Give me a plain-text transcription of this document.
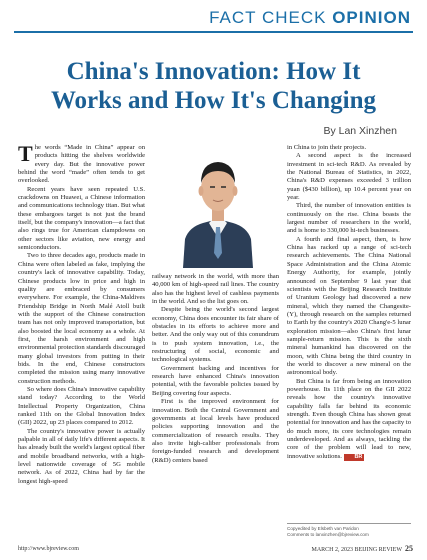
FACT CHECK OPINION
China's Innovation: How It
Works and How It's Changing
By Lan Xinzhen

The words “Made in China” appear on products hitting the shelves worldwide every day. But the innovative power behind the word “made” often tends to get overlooked.

Recent years have seen repeated U.S. crackdowns on Huawei, a Chinese information and communications technology titan. But what these embargoes target is not just the brand itself, but the company's innovation—a fact that also rings true for American clampdowns on other sectors like aviation, new energy and semiconductors.

Two to three decades ago, products made in China were often labeled as fake, implying the country's lack of innovative capability. Today, Chinese products low in price and high in quality are embraced by consumers everywhere. For example, the China-Maldives Friendship Bridge in North Malé Atoll built with the support of the Chinese construction team has not only improved transportation, but also boosted the local economy as a whole. At first, the harsh environment and high environmental protection standards discouraged many global investors from putting in their bids. In the end, Chinese constructors completed the mission using many innovative construction methods.

So where does China's innovative capability stand today? According to the World Intellectual Property Organization, China ranked 11th on the Global Innovation Index (GII) 2022, up 23 places compared to 2012.

The country's innovative power is actually palpable in all of daily life's different aspects. It has already built the world's largest optical fiber and mobile broadband networks, with a high-level nationwide coverage of 5G mobile network. As of 2022, China had by far the longest high-speed

railway network in the world, with more than 40,000 km of high-speed rail lines. The country also has the highest level of cashless payments in the world. And so the list goes on.

Despite being the world's second largest economy, China does encounter its fair share of obstacles in its efforts to achieve more and better. And the only way out of this conundrum is to push system innovation, i.e., the restructuring of social, economic and technological systems.

Government backing and incentives for research have enhanced China's innovation potential, with the favorable policies issued by Beijing covering four aspects.

First is the improved environment for innovation. Both the Central Government and governments at local levels have produced policies supporting innovation and the commercialization of research results. They also invite high-caliber professionals from foreign-funded research and development (R&D) centers based

in China to join their projects.

A second aspect is the increased investment in sci-tech R&D. As revealed by the National Bureau of Statistics, in 2022, China's R&D expenses exceeded 3 trillion yuan ($430 billion), up 10.4 percent year on year.

Third, the number of innovation entities is continuously on the rise. China boasts the largest number of researchers in the world, and is home to 330,000 hi-tech businesses.

A fourth and final aspect, then, is how China has racked up a range of sci-tech research achievements. The China National Space Administration and the China Atomic Energy Authority, for example, jointly announced on September 9 last year that scientists with the Beijing Research Institute of Uranium Geology had discovered a new mineral, which they named the Changesite-(Y), through research on the samples returned to Earth by the country's 2020 Chang'e-5 lunar exploration mission—also China's first lunar sample-return mission. This is the sixth mineral humankind has discovered on the moon, with China being the third country in the world to discover a new mineral on the astronomical body.

But China is far from being an innovation powerhouse. Its 11th place on the GII 2022 reveals how the country's innovative capability falls far behind its economic strength. Even though China has shown great potential for innovation and has the capacity to do much more, its core technologies remain underdeveloped. And as always, tackling the core of the problem will lead to new, innovative solutions. BR

Copyedited by Elsbeth van Paridon
Comments to lanxinzhen@bjreview.com
http://www.bjreview.com	MARCH 2, 2023 BEIJING REVIEW 25
